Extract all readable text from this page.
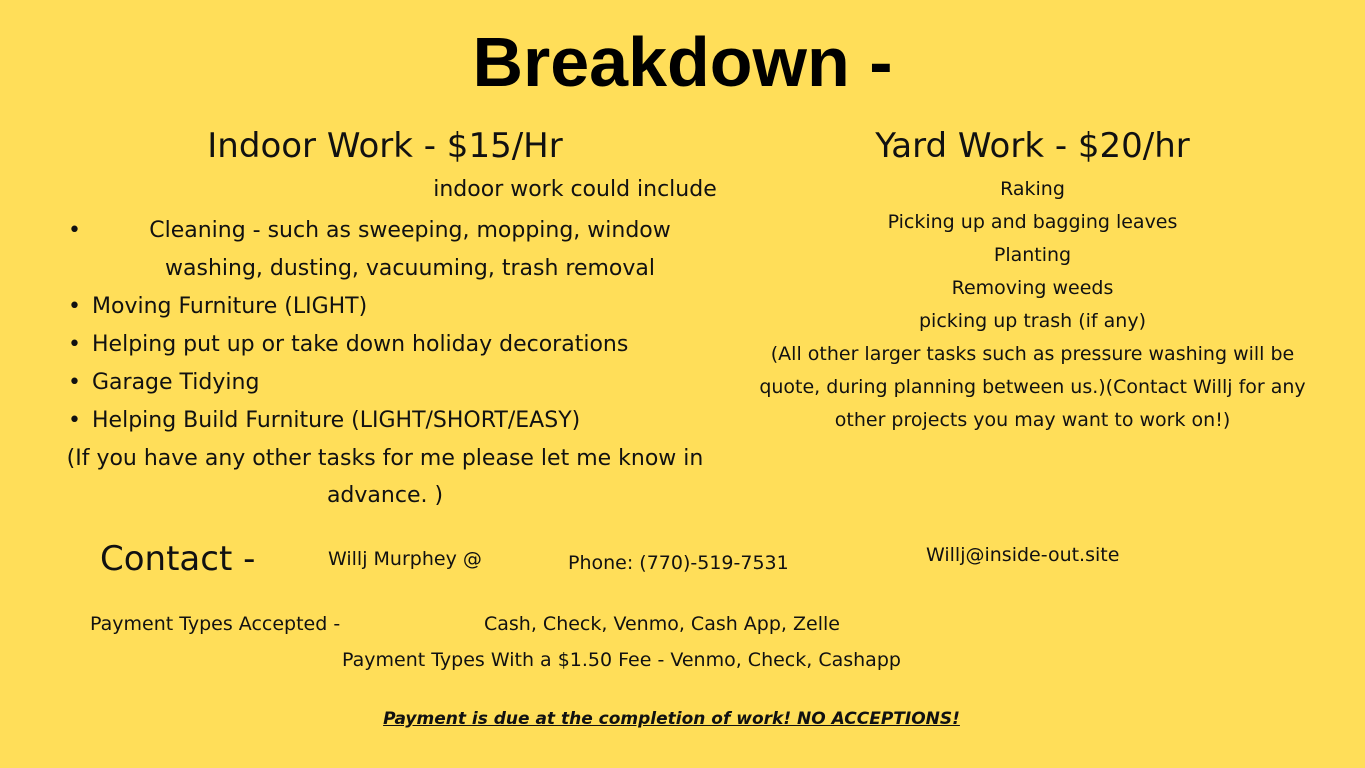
Breakdown -
Indoor Work - $15/Hr
indoor work could include
• Cleaning - such as sweeping, mopping, window washing, dusting, vacuuming, trash removal
• Moving Furniture (LIGHT)
• Helping put up or take down holiday decorations
• Garage Tidying
• Helping Build Furniture (LIGHT/SHORT/EASY)
(If you have any other tasks for me please let me know in advance. )
Yard Work - $20/hr
Raking
Picking up and bagging leaves
Planting
Removing weeds
picking up trash (if any)
(All other larger tasks such as pressure washing will be quote, during planning between us.)(Contact Willj for any other projects you may want to work on!)
Contact -	Willj Murphey @	Phone: (770)-519-7531	Willj@inside-out.site
Payment Types Accepted -	Cash, Check, Venmo, Cash App, Zelle
Payment Types With a $1.50 Fee - Venmo, Check, Cashapp
Payment is due at the completion of work! NO ACCEPTIONS!
